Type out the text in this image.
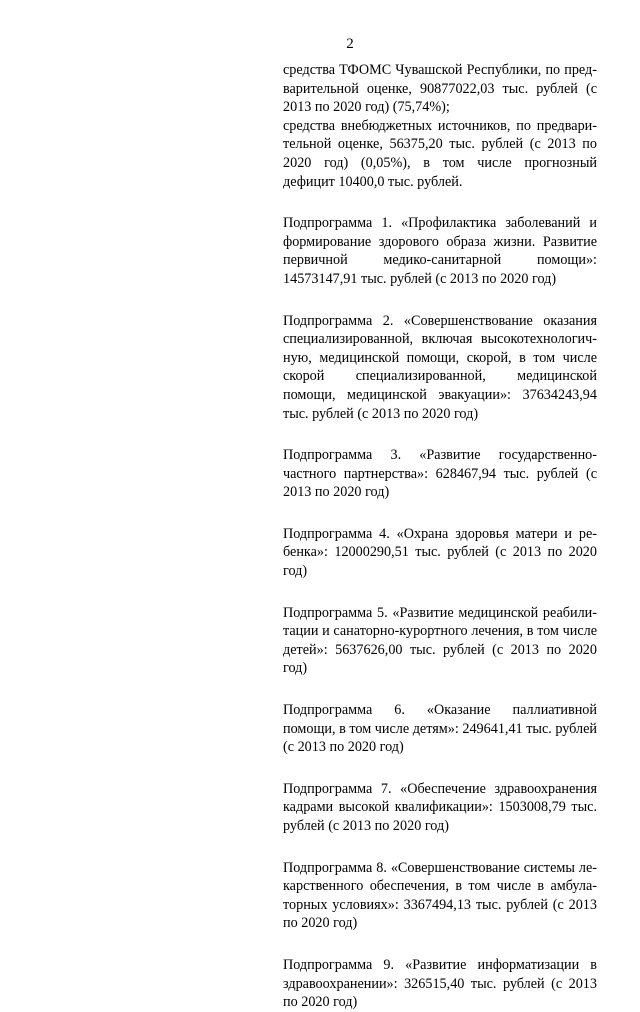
2

средства ТФОМС Чувашской Республики, по предварительной оценке, 90877022,03 тыс. рублей (с 2013 по 2020 год) (75,74%);

средства внебюджетных источников, по предварительной оценке, 56375,20 тыс. рублей (с 2013 по 2020 год) (0,05%), в том числе прогнозный дефицит 10400,0 тыс. рублей.

Подпрограмма 1. «Профилактика заболеваний и формирование здорового образа жизни. Развитие первичной медико-санитарной помощи»: 14573147,91 тыс. рублей (с 2013 по 2020 год)

Подпрограмма 2. «Совершенствование оказания специализированной, включая высокотехнологичную, медицинской помощи, скорой, в том числе скорой специализированной, медицинской помощи, медицинской эвакуации»: 37634243,94 тыс. рублей (с 2013 по 2020 год)

Подпрограмма 3. «Развитие государственно-частного партнерства»: 628467,94 тыс. рублей (с 2013 по 2020 год)

Подпрограмма 4. «Охрана здоровья матери и ребенка»: 12000290,51 тыс. рублей (с 2013 по 2020 год)

Подпрограмма 5. «Развитие медицинской реабилитации и санаторно-курортного лечения, в том числе детей»: 5637626,00 тыс. рублей (с 2013 по 2020 год)

Подпрограмма 6. «Оказание паллиативной помощи, в том числе детям»: 249641,41 тыс. рублей (с 2013 по 2020 год)

Подпрограмма 7. «Обеспечение здравоохранения кадрами высокой квалификации»: 1503008,79 тыс. рублей (с 2013 по 2020 год)

Подпрограмма 8. «Совершенствование системы лекарственного обеспечения, в том числе в амбулаторных условиях»: 3367494,13 тыс. рублей (с 2013 по 2020 год)

Подпрограмма 9. «Развитие информатизации в здравоохранении»: 326515,40 тыс. рублей (с 2013 по 2020 год)
